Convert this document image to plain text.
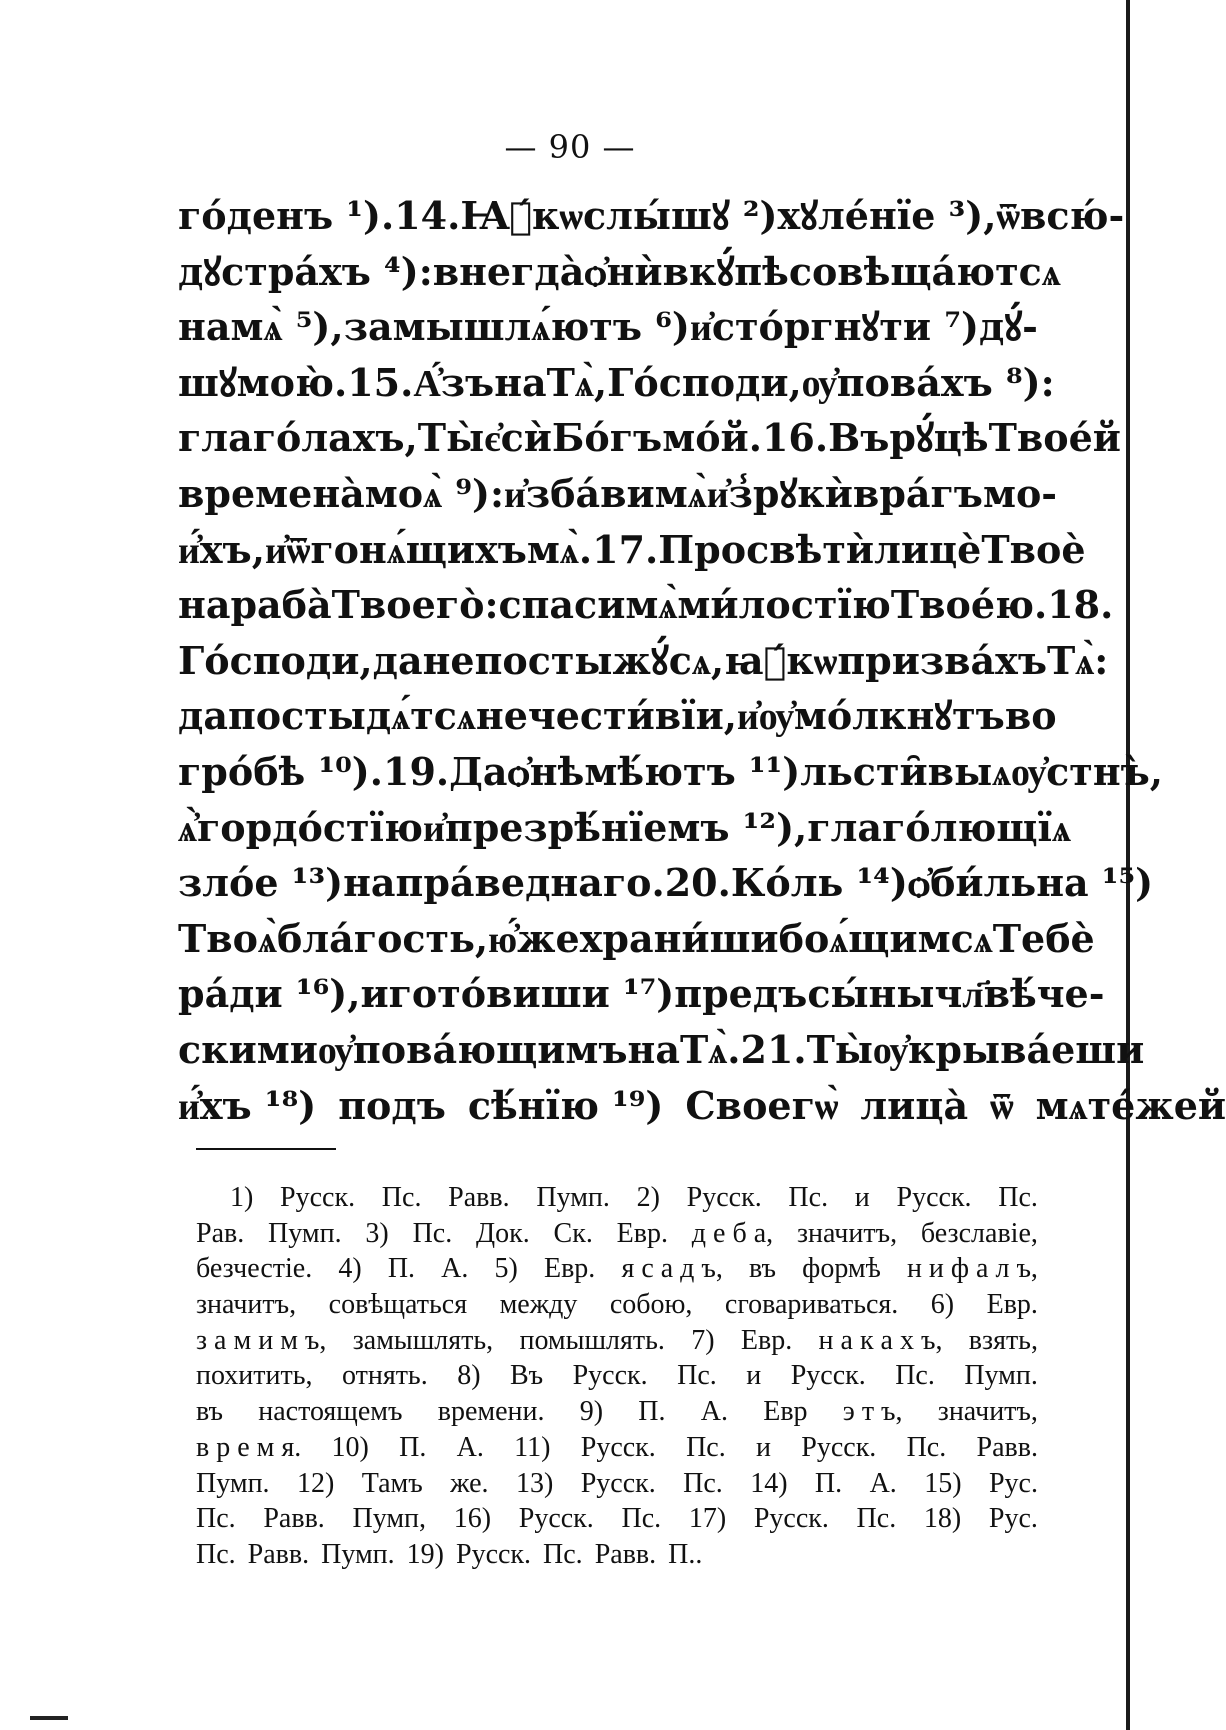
— 90 —
го́денъ ¹). 14. Ꙗ҆́кѡ слы́шꙋ ²) хꙋле́нїе ³), ѿвсю́-
дꙋ стра́хъ ⁴): внегда̀ ѻ҆нѝ вкꙋ́пѣ совѣща́ютсѧ
на мѧ̀ ⁵), замышлѧ́ютъ ⁶) и҆сто́ргнꙋти ⁷) дꙋ́-
шꙋ мою̀. 15. А҆́зъ на Тѧ̀, Го́споди, ѹ҆пова́хъ ⁸):
глаго́лахъ, Ты̀ є҆сѝ Бо́гъ мо́й. 16. Въ рꙋ́цѣ Твое́й
времена̀ моѧ̀ ⁹): и҆зба́ви мѧ̀ и҆з̾ рꙋкѝ вра́гъ мо-
и҆́хъ, и҆ ѿ гонѧ́щихъ мѧ̀. 17. Просвѣтѝ лицѐ Твоѐ
на раба̀ Твоего̀: спаси мѧ̀ ми́лостїю Твое́ю. 18.
Го́споди, да не постыжꙋ́сѧ, ꙗ҆́кѡ призва́хъ Тѧ̀:
да постыдѧ́тсѧ нечести́вїи, и҆ ѹ҆мо́лкнꙋтъ во
гро́бѣ ¹⁰). 19. Да ѻ҆нѣмѣ́ютъ ¹¹) льсти̑выѧ ѹ҆стнъ̀,
ѧ҆̀ гордо́стїю и҆ презрѣ́нїемъ ¹²), глаго́лющїѧ
зло́е ¹³) на пра́веднаго. 20. Ко́ль ¹⁴) ѻ҆би́льна ¹⁵)
Твоѧ̀ бла́гость, ю҆́же храни́ши боѧ́щимсѧ Тебѐ
ра́ди ¹⁶), и гото́виши ¹⁷) предъ сы́ны чл҃вѣ́че-
скими ѹ҆пова́ющимъ на Тѧ̀. 21. Ты̀ ѹ҆крыва́еши
и҆́хъ ¹⁸) подъ сѣ́нїю ¹⁹) Своегѡ̀ лица̀ ѿ мѧте́жей
1) Русск. Пс. Равв. Пумп. 2) Русск. Пс. и Русск. Пс.
Рав. Пумп. 3) Пс. Док. Ск. Евр. д е б а, значитъ, безславіе,
безчестіе. 4) П. А. 5) Евр. я с а д ъ, въ формѣ н и ф а л ъ,
значитъ, совѣщаться между собою, сговариваться. 6) Евр.
з а м и м ъ, замышлять, помышлять. 7) Евр. н а к а х ъ, взять,
похитить, отнять. 8) Въ Русск. Пс. и Русск. Пс. Пумп.
въ настоящемъ времени. 9) П. А. Евр э т ъ, значитъ,
в р е м я. 10) П. А. 11) Русск. Пс. и Русск. Пс. Равв.
Пумп. 12) Тамъ же. 13) Русск. Пс. 14) П. А. 15) Рус.
Пс. Равв. Пумп, 16) Русск. Пс. 17) Русск. Пс. 18) Рус.
Пс. Равв. Пумп. 19) Русск. Пс. Равв. П..
